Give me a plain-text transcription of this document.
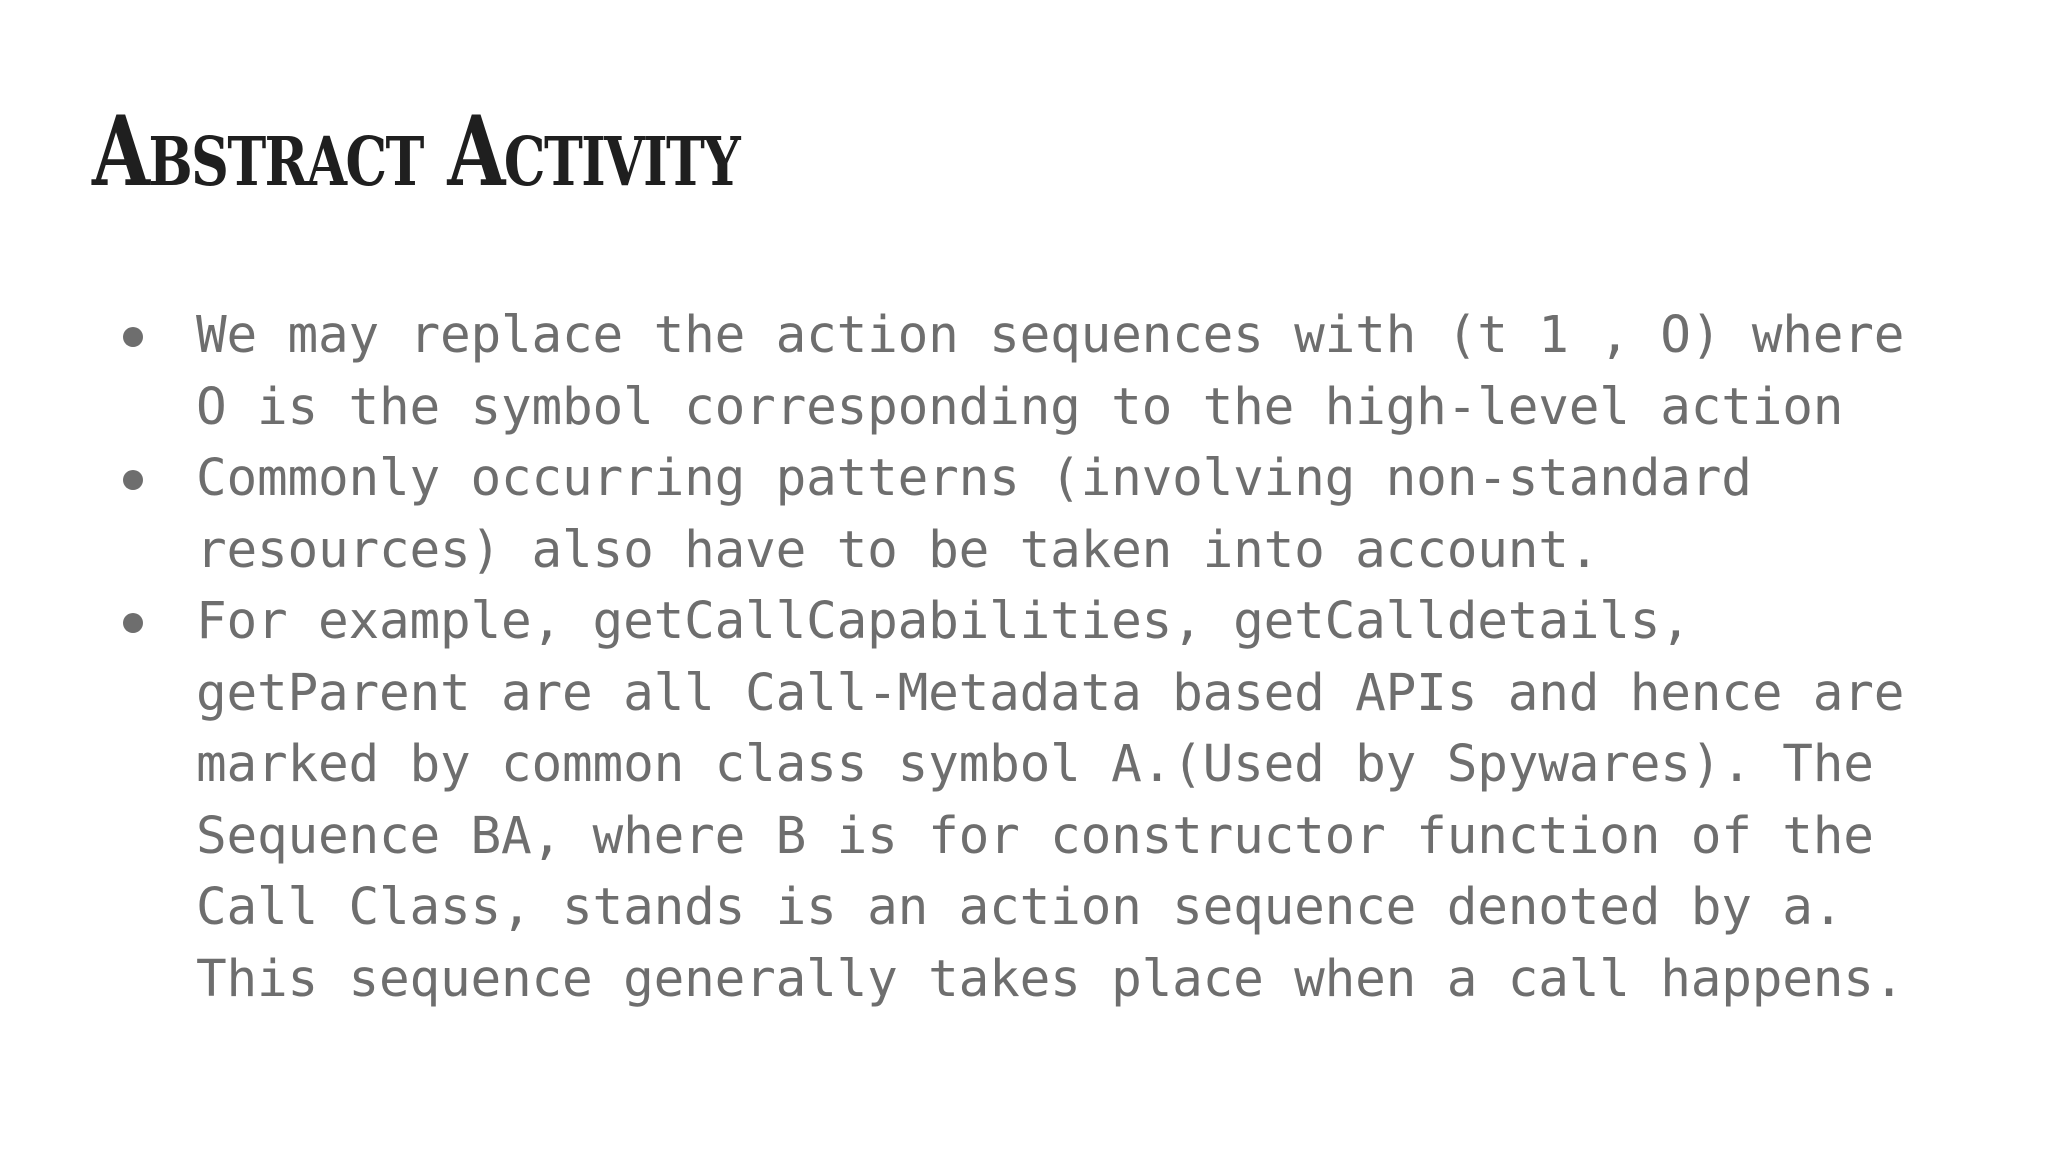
Abstract Activity
We may replace the action sequences with (t 1 , O) where
O is the symbol corresponding to the high-level action
Commonly occurring patterns (involving non-standard
resources) also have to be taken into account.
For example, getCallCapabilities, getCalldetails,
getParent are all Call-Metadata based APIs and hence are
marked by common class symbol A.(Used by Spywares). The
Sequence BA, where B is for constructor function of the
Call Class, stands is an action sequence denoted by a.
This sequence generally takes place when a call happens.
